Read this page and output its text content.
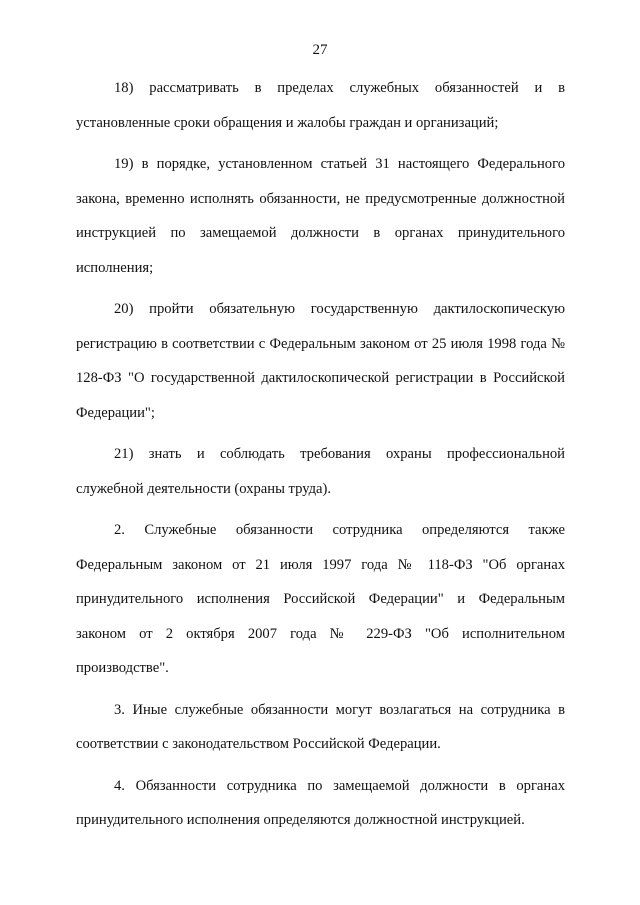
27

18) рассматривать в пределах служебных обязанностей и в установленные сроки обращения и жалобы граждан и организаций;

19) в порядке, установленном статьей 31 настоящего Федерального закона, временно исполнять обязанности, не предусмотренные должностной инструкцией по замещаемой должности в органах принудительного исполнения;

20) пройти обязательную государственную дактилоскопическую регистрацию в соответствии с Федеральным законом от 25 июля 1998 года № 128-ФЗ "О государственной дактилоскопической регистрации в Российской Федерации";

21) знать и соблюдать требования охраны профессиональной служебной деятельности (охраны труда).

2. Служебные обязанности сотрудника определяются также Федеральным законом от 21 июля 1997 года № 118-ФЗ "Об органах принудительного исполнения Российской Федерации" и Федеральным законом от 2 октября 2007 года № 229-ФЗ "Об исполнительном производстве".

3. Иные служебные обязанности могут возлагаться на сотрудника в соответствии с законодательством Российской Федерации.

4. Обязанности сотрудника по замещаемой должности в органах принудительного исполнения определяются должностной инструкцией.
